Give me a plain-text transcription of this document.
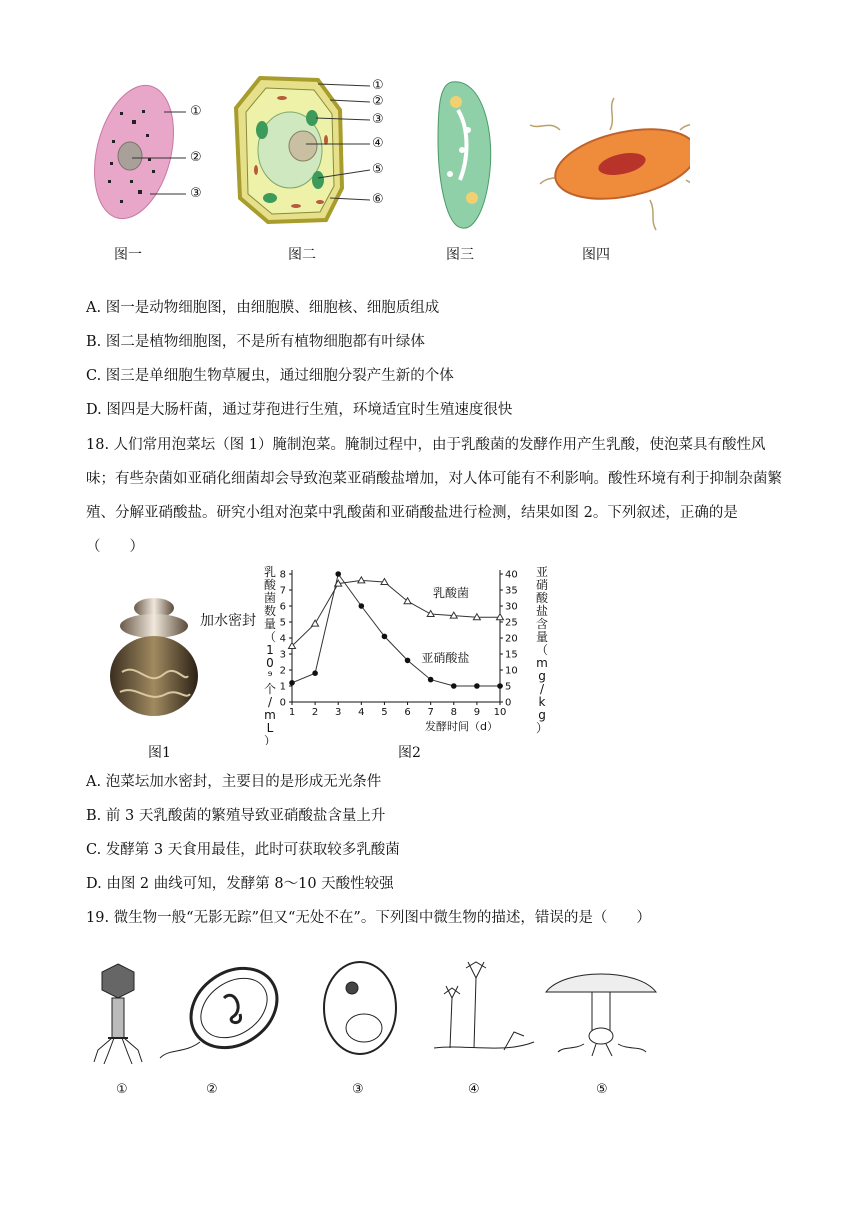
①
②
③
①
②
③
④
⑤
⑥
图一	图二	图三	图四
A. 图一是动物细胞图，由细胞膜、细胞核、细胞质组成
B. 图二是植物细胞图，不是所有植物细胞都有叶绿体
C. 图三是单细胞生物草履虫，通过细胞分裂产生新的个体
D. 图四是大肠杆菌，通过芽孢进行生殖，环境适宜时生殖速度很快
18. 人们常用泡菜坛（图 1）腌制泡菜。腌制过程中，由于乳酸菌的发酵作用产生乳酸，使泡菜具有酸性风味；有些杂菌如亚硝化细菌却会导致泡菜亚硝酸盐增加，对人体可能有不利影响。酸性环境有利于抑制杂菌繁殖、分解亚硝酸盐。研究小组对泡菜中乳酸菌和亚硝酸盐进行检测，结果如图 2。下列叙述，正确的是（　　）
加水密封
乳
酸
菌
数
量
（
1
0
⁹
个
/
m
L
）
亚
硝
酸
盐
含
量
（
m
g
/
k
g
）
0
1
2
3
4
5
6
7
8
0
5
10
15
20
25
30
35
40
1 2 3 4 5 6 7 8 9 10
发酵时间（d）
乳酸菌
亚硝酸盐
图1	图2
A. 泡菜坛加水密封，主要目的是形成无光条件
B. 前 3 天乳酸菌的繁殖导致亚硝酸盐含量上升
C. 发酵第 3 天食用最佳，此时可获取较多乳酸菌
D. 由图 2 曲线可知，发酵第 8～10 天酸性较强
19. 微生物一般“无影无踪”但又“无处不在”。下列图中微生物的描述，错误的是（　　）
①	②	③	④	⑤
